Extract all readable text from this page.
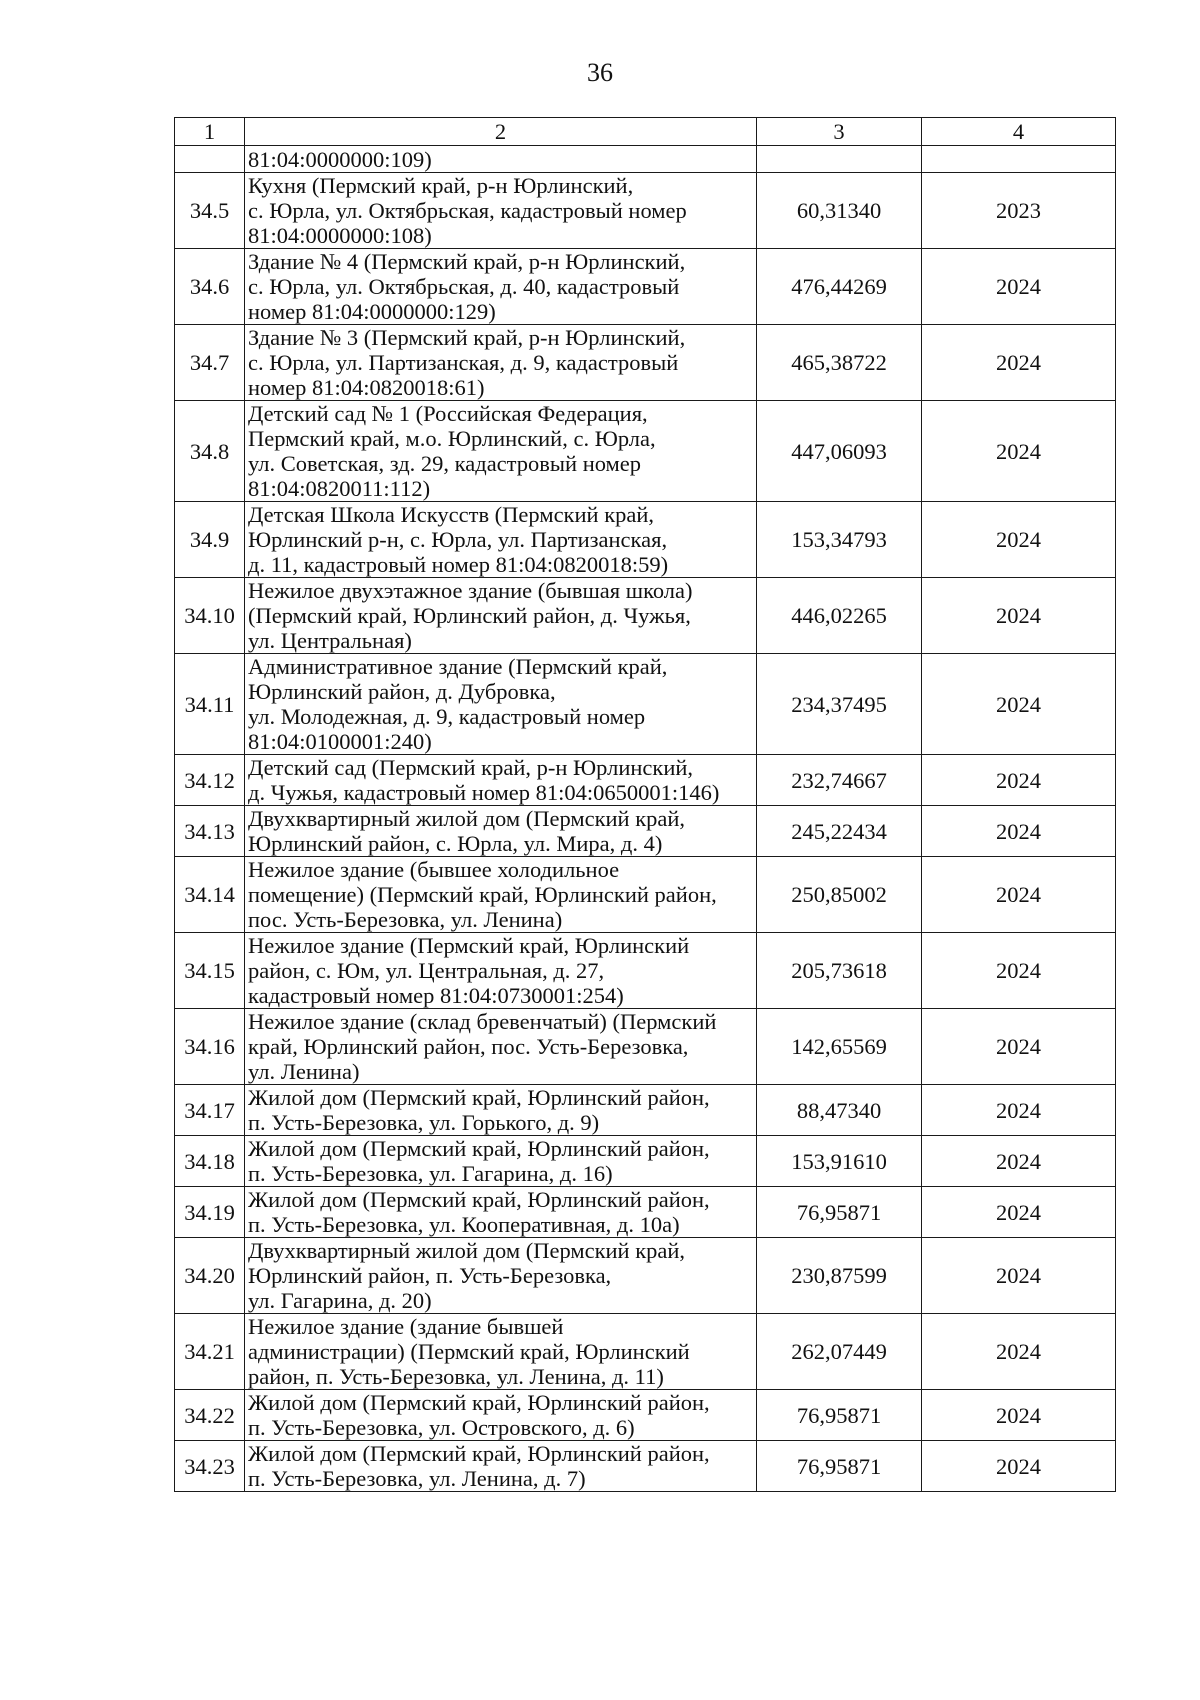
36
1	2	3	4

	81:04:0000000:109)		

34.5	Кухня (Пермский край, р-н Юрлинский,
с. Юрла, ул. Октябрьская, кадастровый номер
81:04:0000000:108)	60,31340	2023
34.6	Здание № 4 (Пермский край, р-н Юрлинский,
с. Юрла, ул. Октябрьская, д. 40, кадастровый
номер 81:04:0000000:129)	476,44269	2024
34.7	Здание № 3 (Пермский край, р-н Юрлинский,
с. Юрла, ул. Партизанская, д. 9, кадастровый
номер 81:04:0820018:61)	465,38722	2024
34.8	Детский сад № 1 (Российская Федерация,
Пермский край, м.о. Юрлинский, с. Юрла,
ул. Советская, зд. 29, кадастровый номер
81:04:0820011:112)	447,06093	2024
34.9	Детская Школа Искусств (Пермский край,
Юрлинский р-н, с. Юрла, ул. Партизанская,
д. 11, кадастровый номер 81:04:0820018:59)	153,34793	2024
34.10	Нежилое двухэтажное здание (бывшая школа)
(Пермский край, Юрлинский район, д. Чужья,
ул. Центральная)	446,02265	2024
34.11	Административное здание (Пермский край,
Юрлинский район, д. Дубровка,
ул. Молодежная, д. 9, кадастровый номер
81:04:0100001:240)	234,37495	2024
34.12	Детский сад (Пермский край, р-н Юрлинский,
д. Чужья, кадастровый номер 81:04:0650001:146)	232,74667	2024
34.13	Двухквартирный жилой дом (Пермский край,
Юрлинский район, с. Юрла, ул. Мира, д. 4)	245,22434	2024
34.14	Нежилое здание (бывшее холодильное
помещение) (Пермский край, Юрлинский район,
пос. Усть-Березовка, ул. Ленина)	250,85002	2024
34.15	Нежилое здание (Пермский край, Юрлинский
район, с. Юм, ул. Центральная, д. 27,
кадастровый номер 81:04:0730001:254)	205,73618	2024
34.16	Нежилое здание (склад бревенчатый) (Пермский
край, Юрлинский район, пос. Усть-Березовка,
ул. Ленина)	142,65569	2024
34.17	Жилой дом (Пермский край, Юрлинский район,
п. Усть-Березовка, ул. Горького, д. 9)	88,47340	2024
34.18	Жилой дом (Пермский край, Юрлинский район,
п. Усть-Березовка, ул. Гагарина, д. 16)	153,91610	2024
34.19	Жилой дом (Пермский край, Юрлинский район,
п. Усть-Березовка, ул. Кооперативная, д. 10а)	76,95871	2024
34.20	Двухквартирный жилой дом (Пермский край,
Юрлинский район, п. Усть-Березовка,
ул. Гагарина, д. 20)	230,87599	2024
34.21	Нежилое здание (здание бывшей
администрации) (Пермский край, Юрлинский
район, п. Усть-Березовка, ул. Ленина, д. 11)	262,07449	2024
34.22	Жилой дом (Пермский край, Юрлинский район,
п. Усть-Березовка, ул. Островского, д. 6)	76,95871	2024
34.23	Жилой дом (Пермский край, Юрлинский район,
п. Усть-Березовка, ул. Ленина, д. 7)	76,95871	2024
